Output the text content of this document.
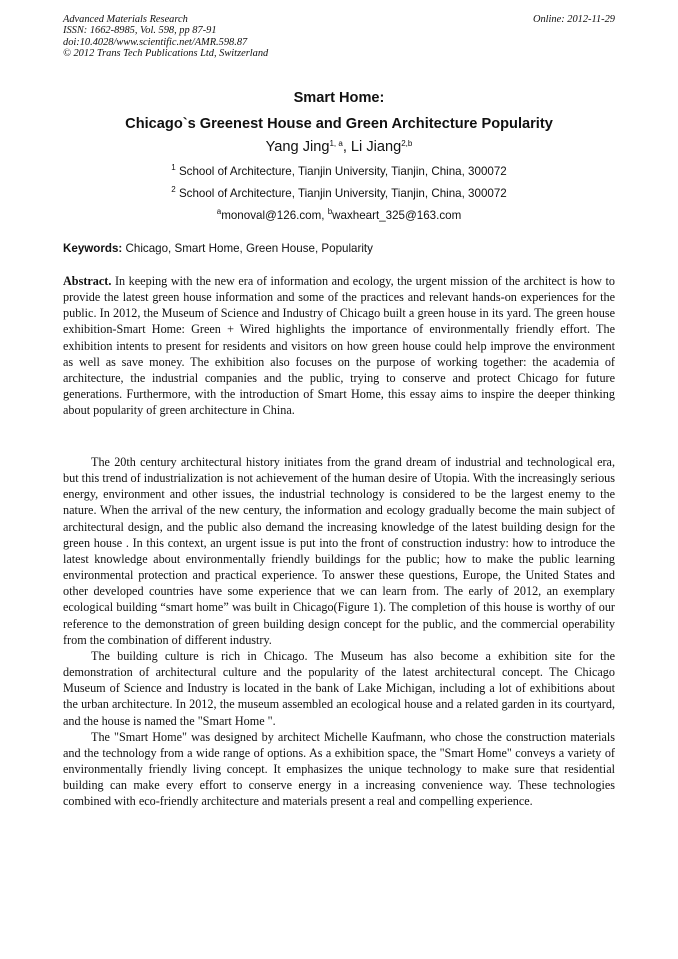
Advanced Materials Research
ISSN: 1662-8985, Vol. 598, pp 87-91
doi:10.4028/www.scientific.net/AMR.598.87
© 2012 Trans Tech Publications Ltd, Switzerland
Online: 2012-11-29
Smart Home:
Chicago`s Greenest House and Green Architecture Popularity
Yang Jing$^{1, a}$, Li Jiang$^{2,b}$
$^1$ School of Architecture, Tianjin University, Tianjin, China, 300072
$^2$ School of Architecture, Tianjin University, Tianjin, China, 300072
$^a$monoval@126.com, $^b$waxheart_325@163.com
Keywords: Chicago, Smart Home, Green House, Popularity
Abstract. In keeping with the new era of information and ecology, the urgent mission of the architect is how to provide the latest green house information and some of the practices and relevant hands-on experiences for the public. In 2012, the Museum of Science and Industry of Chicago built a green house in its yard. The green house exhibition-Smart Home: Green + Wired highlights the importance of environmentally friendly effort. The exhibition intents to present for residents and visitors on how green house could help improve the environment as well as save money. The exhibition also focuses on the purpose of working together: the academia of architecture, the industrial companies and the public, trying to conserve and protect Chicago for future generations. Furthermore, with the introduction of Smart Home, this essay aims to inspire the deeper thinking about popularity of green architecture in China.

The 20th century architectural history initiates from the grand dream of industrial and technological era, but this trend of industrialization is not achievement of the human desire of Utopia. With the increasingly serious energy, environment and other issues, the industrial technology is considered to be the largest enemy to the nature. When the arrival of the new century, the information and ecology gradually become the main subject of architectural design, and the public also demand the increasing knowledge of the latest building design for the green house . In this context, an urgent issue is put into the front of construction industry: how to introduce the latest knowledge about environmentally friendly buildings for the public; how to make the public learning environmental protection and practical experience. To answer these questions, Europe, the United States and other developed countries have some experience that we can learn from. The early of 2012, an exemplary ecological building “smart home” was built in Chicago(Figure 1). The completion of this house is worthy of our reference to the demonstration of green building design concept for the public, and the commercial operability from the combination of different industry.

The building culture is rich in Chicago. The Museum has also become a exhibition site for the demonstration of architectural culture and the popularity of the latest architectural concept. The Chicago Museum of Science and Industry is located in the bank of Lake Michigan, including a lot of exhibitions about the urban architecture. In 2012, the museum assembled an ecological house and a related garden in its courtyard, and the house is named the "Smart Home ".

The "Smart Home" was designed by architect Michelle Kaufmann, who chose the construction materials and the technology from a wide range of options. As a exhibition space, the "Smart Home" conveys a variety of environmentally friendly living concept. It emphasizes the unique technology to make sure that residential building can make every effort to conserve energy in a increasing convenience way. These technologies combined with eco-friendly architecture and materials present a real and compelling experience.
